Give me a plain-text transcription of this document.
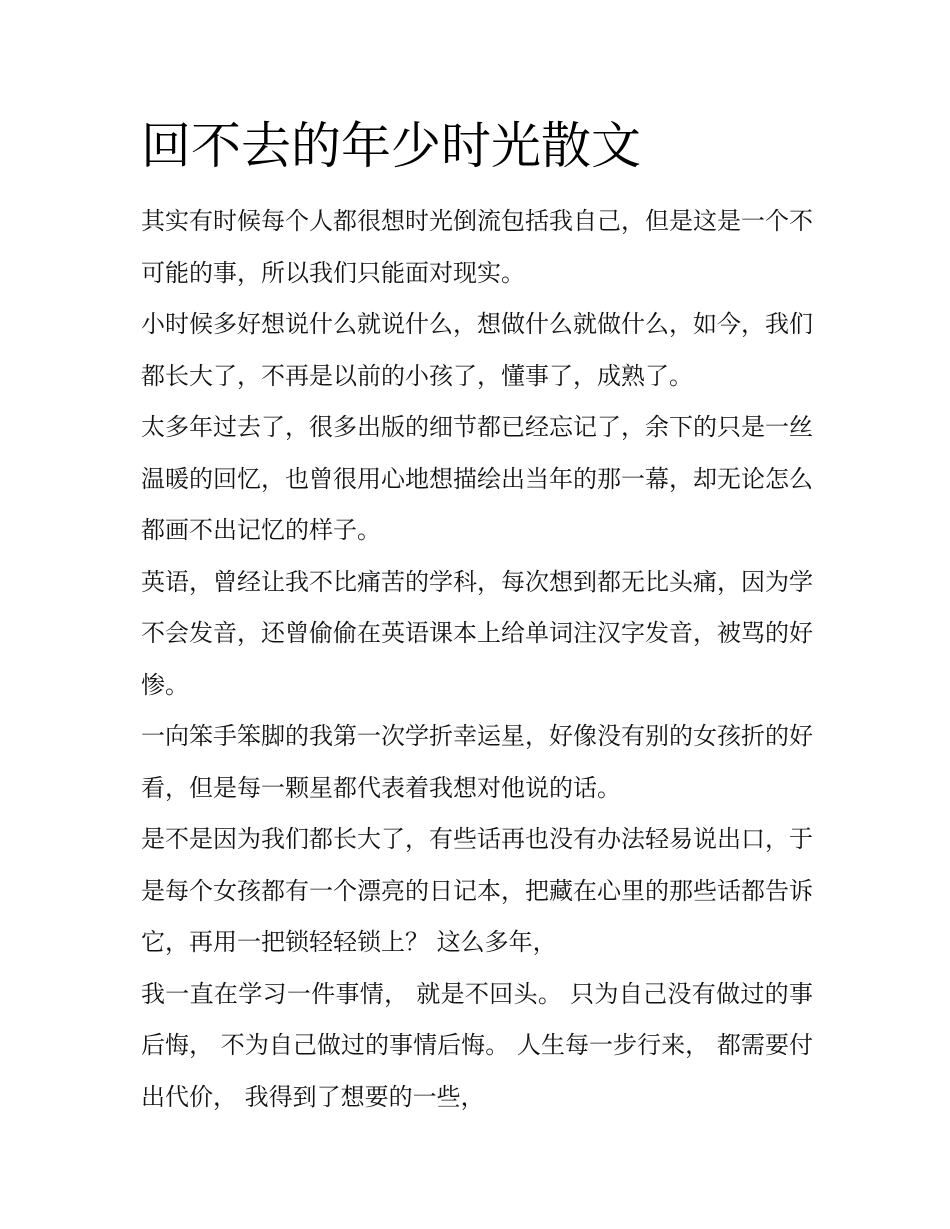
回不去的年少时光散文

其实有时候每个人都很想时光倒流包括我自己，但是这是一个不可能的事，所以我们只能面对现实。

小时候多好想说什么就说什么，想做什么就做什么，如今，我们都长大了，不再是以前的小孩了，懂事了，成熟了。

太多年过去了，很多出版的细节都已经忘记了，余下的只是一丝温暖的回忆，也曾很用心地想描绘出当年的那一幕，却无论怎么都画不出记忆的样子。

英语，曾经让我不比痛苦的学科，每次想到都无比头痛，因为学不会发音，还曾偷偷在英语课本上给单词注汉字发音，被骂的好惨。

一向笨手笨脚的我第一次学折幸运星，好像没有别的女孩折的好看，但是每一颗星都代表着我想对他说的话。

是不是因为我们都长大了，有些话再也没有办法轻易说出口，于是每个女孩都有一个漂亮的日记本，把藏在心里的那些话都告诉它，再用一把锁轻轻锁上？ 这么多年，

我一直在学习一件事情， 就是不回头。 只为自己没有做过的事后悔， 不为自己做过的事情后悔。 人生每一步行来， 都需要付出代价， 我得到了想要的一些，
